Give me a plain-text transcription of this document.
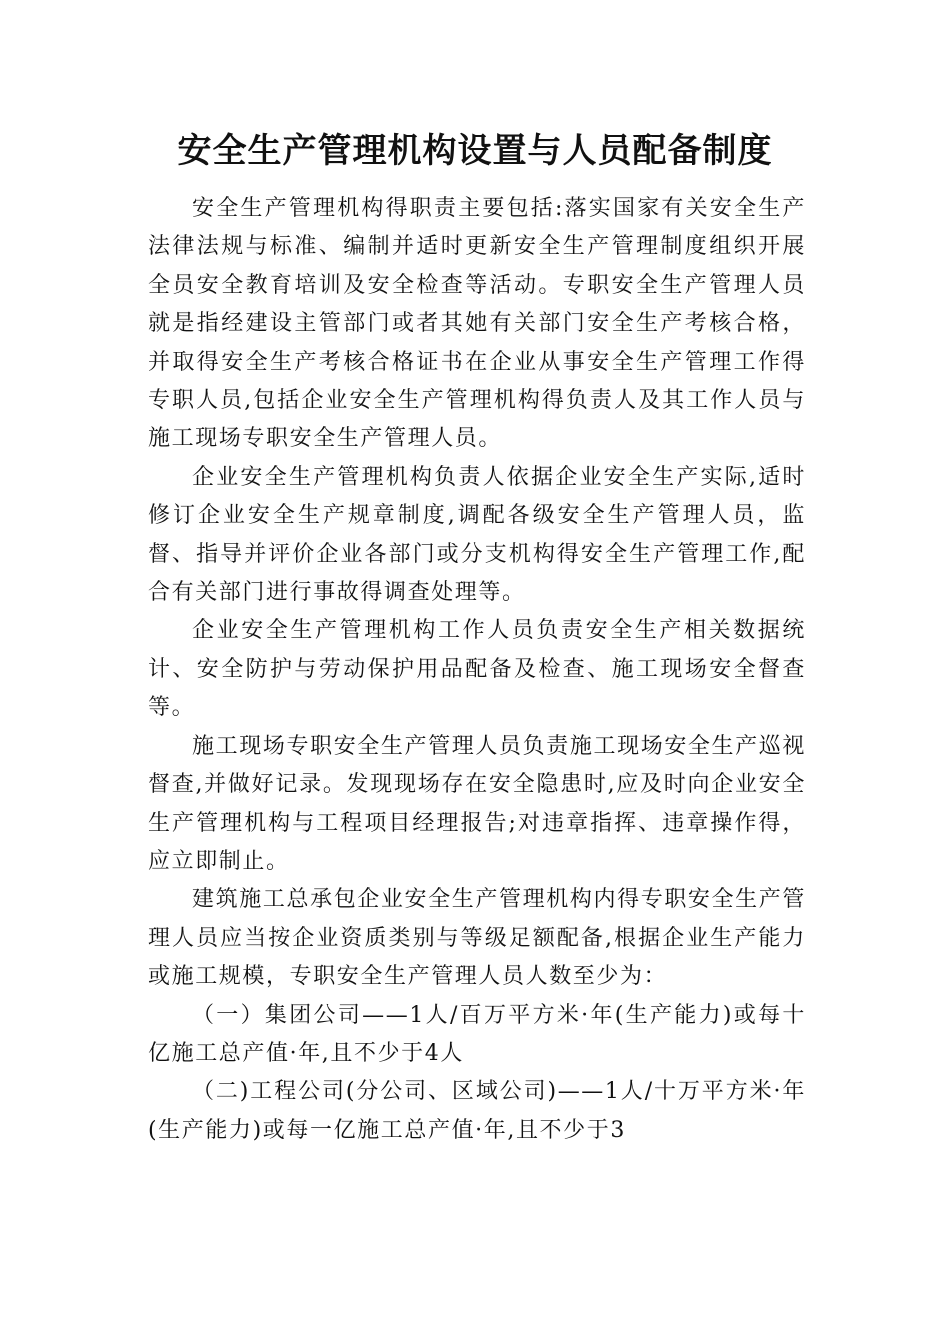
安全生产管理机构设置与人员配备制度

安全生产管理机构得职责主要包括:落实国家有关安全生产法律法规与标准、编制并适时更新安全生产管理制度组织开展全员安全教育培训及安全检查等活动。专职安全生产管理人员就是指经建设主管部门或者其她有关部门安全生产考核合格，并取得安全生产考核合格证书在企业从事安全生产管理工作得专职人员,包括企业安全生产管理机构得负责人及其工作人员与施工现场专职安全生产管理人员。

企业安全生产管理机构负责人依据企业安全生产实际,适时修订企业安全生产规章制度,调配各级安全生产管理人员，监督、指导并评价企业各部门或分支机构得安全生产管理工作,配合有关部门进行事故得调查处理等。

企业安全生产管理机构工作人员负责安全生产相关数据统计、安全防护与劳动保护用品配备及检查、施工现场安全督查等。

施工现场专职安全生产管理人员负责施工现场安全生产巡视督查,并做好记录。发现现场存在安全隐患时,应及时向企业安全生产管理机构与工程项目经理报告;对违章指挥、违章操作得，应立即制止。

建筑施工总承包企业安全生产管理机构内得专职安全生产管理人员应当按企业资质类别与等级足额配备,根据企业生产能力或施工规模，专职安全生产管理人员人数至少为：

（一）集团公司——1人/百万平方米·年(生产能力)或每十亿施工总产值·年,且不少于4人

（二)工程公司(分公司、区域公司)——1人/十万平方米·年(生产能力)或每一亿施工总产值·年,且不少于3
